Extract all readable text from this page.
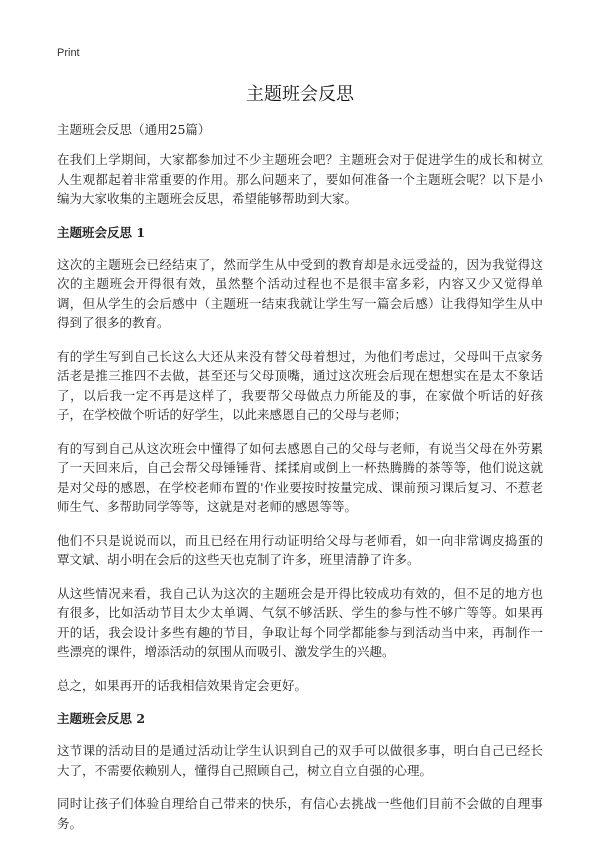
Print
主题班会反思

主题班会反思（通用25篇）

在我们上学期间，大家都参加过不少主题班会吧？主题班会对于促进学生的成长和树立人生观都起着非常重要的作用。那么问题来了，要如何准备一个主题班会呢？以下是小编为大家收集的主题班会反思，希望能够帮助到大家。

主题班会反思 1

这次的主题班会已经结束了，然而学生从中受到的教育却是永远受益的，因为我觉得这次的主题班会开得很有效，虽然整个活动过程也不是很丰富多彩，内容又少又觉得单调，但从学生的会后感中（主题班一结束我就让学生写一篇会后感）让我得知学生从中得到了很多的教育。

有的学生写到自己长这么大还从来没有替父母着想过，为他们考虑过，父母叫干点家务活老是推三推四不去做，甚至还与父母顶嘴，通过这次班会后现在想想实在是太不象话了，以后我一定不再是这样了，我要帮父母做点力所能及的事，在家做个听话的好孩子，在学校做个听话的好学生，以此来感恩自己的父母与老师；

有的写到自己从这次班会中懂得了如何去感恩自己的父母与老师，有说当父母在外劳累了一天回来后，自己会帮父母锤锤背、揉揉肩或倒上一杯热腾腾的茶等等，他们说这就是对父母的感恩，在学校老师布置的'作业要按时按量完成、课前预习课后复习、不惹老师生气、多帮助同学等等，这就是对老师的感恩等等。

他们不只是说说而以，而且已经在用行动证明给父母与老师看，如一向非常调皮捣蛋的覃文斌、胡小明在会后的这些天也克制了许多，班里清静了许多。

从这些情况来看，我自己认为这次的主题班会是开得比较成功有效的，但不足的地方也有很多，比如活动节目太少太单调、气氛不够活跃、学生的参与性不够广等等。如果再开的话，我会设计多些有趣的节目，争取让每个同学都能参与到活动当中来，再制作一些漂亮的课件，增添活动的氛围从而吸引、激发学生的兴趣。

总之，如果再开的话我相信效果肯定会更好。

主题班会反思 2

这节课的活动目的是通过活动让学生认识到自己的双手可以做很多事，明白自己已经长大了，不需要依赖别人，懂得自己照顾自己，树立自立自强的心理。

同时让孩子们体验自理给自己带来的快乐，有信心去挑战一些他们目前不会做的自理事务。
